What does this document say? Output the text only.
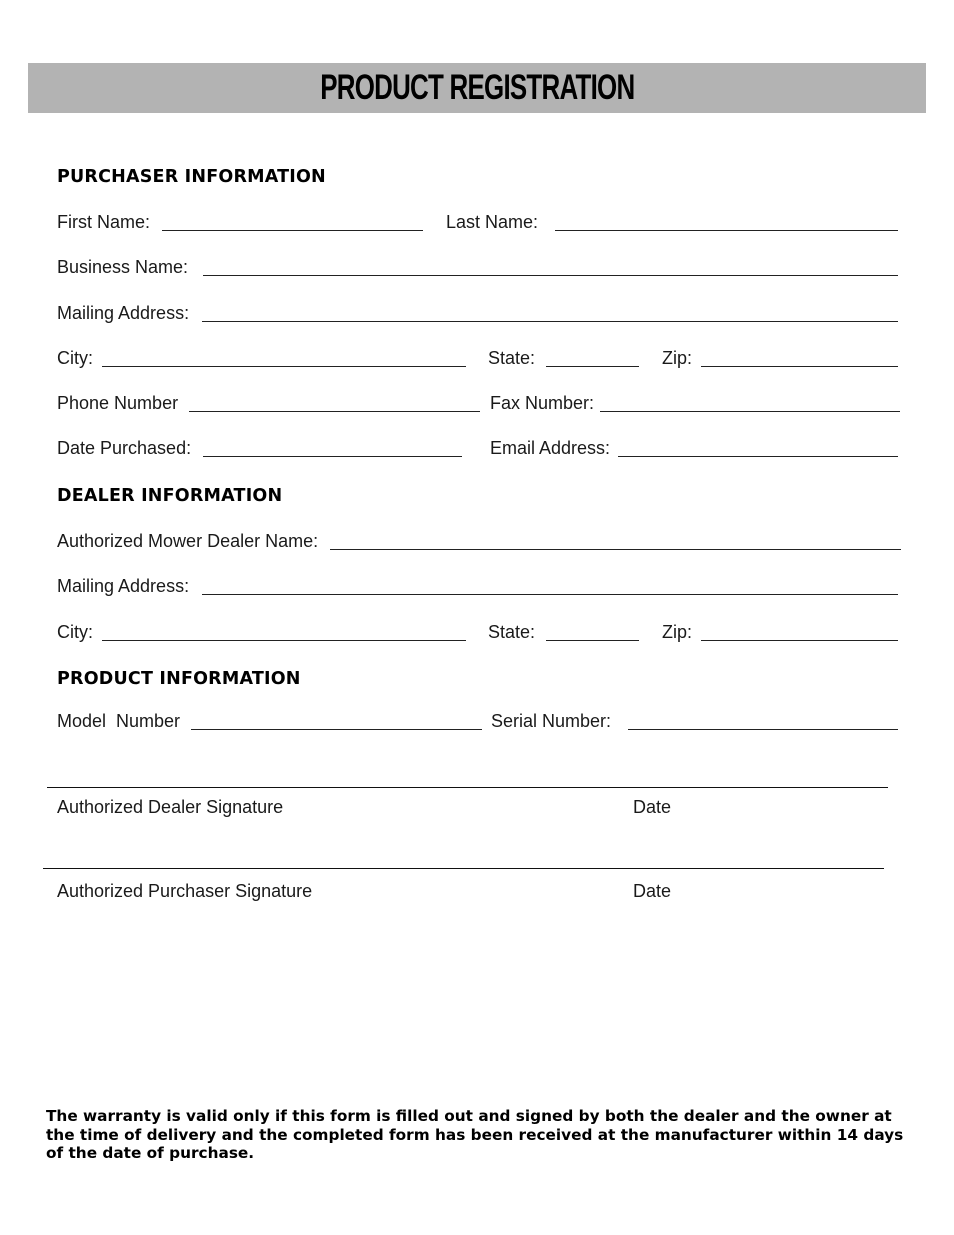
PRODUCT REGISTRATION
PURCHASER INFORMATION
First Name:	Last Name:
Business Name:
Mailing Address:
City:	State:	Zip:
Phone Number	Fax Number:
Date Purchased:	Email Address:
DEALER INFORMATION
Authorized Mower Dealer Name:
Mailing Address:
City:	State:	Zip:
PRODUCT INFORMATION
Model  Number	Serial Number:
Authorized Dealer Signature	Date
Authorized Purchaser Signature	Date
The warranty is valid only if this form is filled out and signed by both the dealer and the owner at the time of delivery and the completed form has been received at the manufacturer within 14 days of the date of purchase.
